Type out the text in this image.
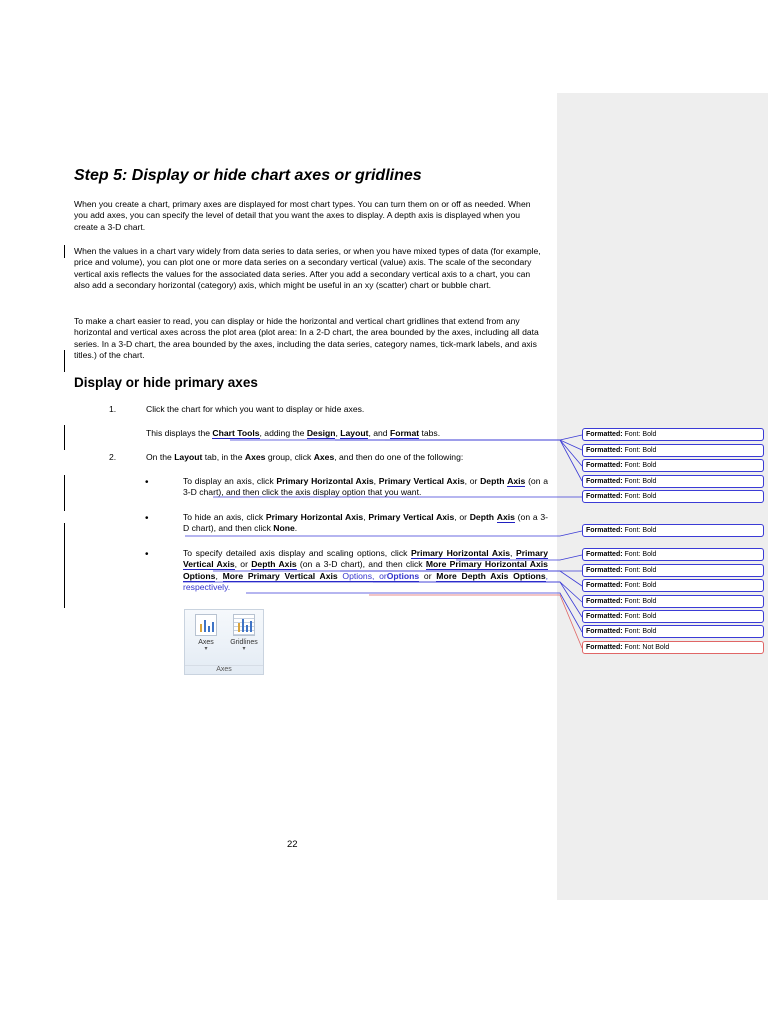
Step 5: Display or hide chart axes or gridlines

When you create a chart, primary axes are displayed for most chart types. You can turn them on or off as needed. When you add axes, you can specify the level of detail that you want the axes to display. A depth axis is displayed when you create a 3-D chart.

When the values in a chart vary widely from data series to data series, or when you have mixed types of data (for example, price and volume), you can plot one or more data series on a secondary vertical (value) axis. The scale of the secondary vertical axis reflects the values for the associated data series. After you add a secondary vertical axis to a chart, you can also add a secondary horizontal (category) axis, which might be useful in an xy (scatter) chart or bubble chart.

To make a chart easier to read, you can display or hide the horizontal and vertical chart gridlines that extend from any horizontal and vertical axes across the plot area (plot area: In a 2-D chart, the area bounded by the axes, including all data series. In a 3-D chart, the area bounded by the axes, including the data series, category names, tick-mark labels, and axis titles.) of the chart.

Display or hide primary axes
1.	Click the chart for which you want to display or hide axes.
This displays the Chart Tools, adding the Design, Layout, and Format tabs.
2.	On the Layout tab, in the Axes group, click Axes, and then do one of the following:
•	To display an axis, click Primary Horizontal Axis, Primary Vertical Axis, or Depth Axis (on a 3-D chart), and then click the axis display option that you want.
•	To hide an axis, click Primary Horizontal Axis, Primary Vertical Axis, or Depth Axis (on a 3-D chart), and then click None.
•	To specify detailed axis display and scaling options, click Primary Horizontal Axis, Primary Vertical Axis, or Depth Axis (on a 3-D chart), and then click More Primary Horizontal Axis Options, More Primary Vertical Axis Options, orOptions or More Depth Axis Options, respectively.
Axes
▾
Gridlines
▾
Axes
22
Formatted: Font: Bold
Formatted: Font: Bold
Formatted: Font: Bold
Formatted: Font: Bold
Formatted: Font: Bold
Formatted: Font: Bold
Formatted: Font: Bold
Formatted: Font: Bold
Formatted: Font: Bold
Formatted: Font: Bold
Formatted: Font: Bold
Formatted: Font: Bold
Formatted: Font: Not Bold
